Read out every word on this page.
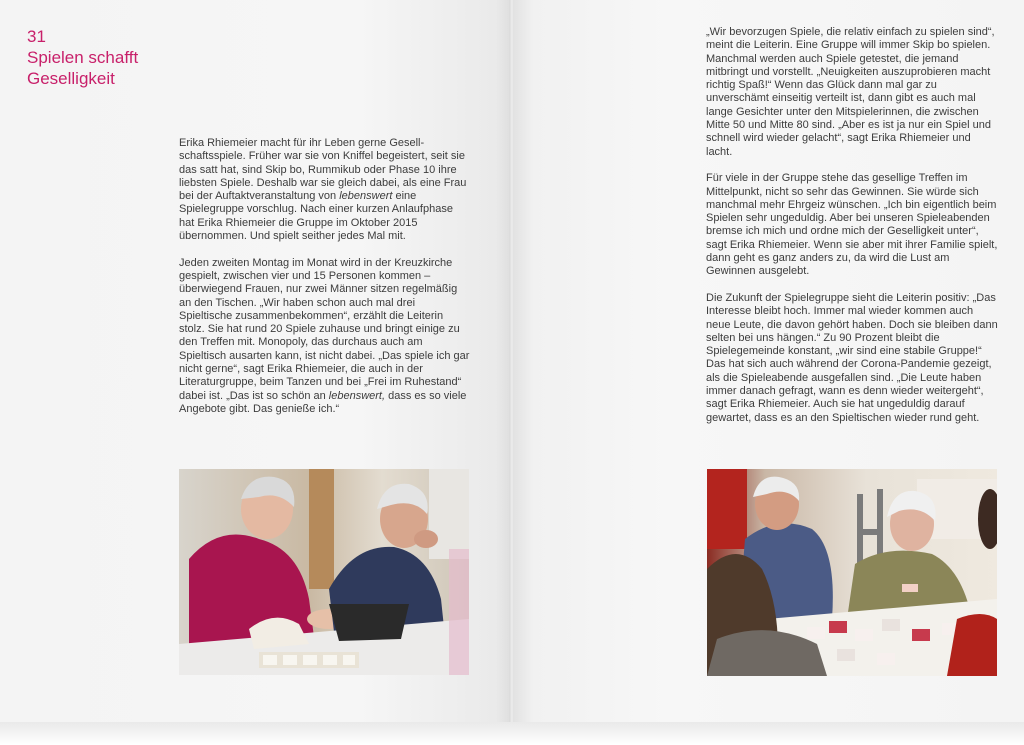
31
Spielen schafft
Geselligkeit

Erika Rhiemeier macht für ihr Leben gerne Gesellschaftsspiele. Früher war sie von Kniffel begeistert, seit sie das satt hat, sind Skip bo, Rummikub oder Phase 10 ihre liebsten Spiele. Deshalb war sie gleich dabei, als eine Frau bei der Auftaktveranstaltung von lebenswert eine Spielegruppe vorschlug. Nach einer kurzen Anlaufphase hat Erika Rhiemeier die Gruppe im Oktober 2015 übernommen. Und spielt seither jedes Mal mit.

Jeden zweiten Montag im Monat wird in der Kreuzkirche gespielt, zwischen vier und 15 Personen kommen – überwiegend Frauen, nur zwei Männer sitzen regelmäßig an den Tischen. „Wir haben schon auch mal drei Spieltische zusammenbekommen“, erzählt die Leiterin stolz. Sie hat rund 20 Spiele zuhause und bringt einige zu den Treffen mit. Monopoly, das durchaus auch am Spieltisch ausarten kann, ist nicht dabei. „Das spiele ich gar nicht gerne“, sagt Erika Rhiemeier, die auch in der Literaturgruppe, beim Tanzen und bei „Frei im Ruhestand“ dabei ist. „Das ist so schön an lebenswert, dass es so viele Angebote gibt. Das genieße ich.“

„Wir bevorzugen Spiele, die relativ einfach zu spielen sind“, meint die Leiterin. Eine Gruppe will immer Skip bo spielen. Manchmal werden auch Spiele getestet, die jemand mitbringt und vorstellt. „Neuigkeiten auszuprobieren macht richtig Spaß!“ Wenn das Glück dann mal gar zu unverschämt einseitig verteilt ist, dann gibt es auch mal lange Gesichter unter den Mitspielerinnen, die zwischen Mitte 50 und Mitte 80 sind. „Aber es ist ja nur ein Spiel und schnell wird wieder gelacht“, sagt Erika Rhiemeier und lacht.

Für viele in der Gruppe stehe das gesellige Treffen im Mittelpunkt, nicht so sehr das Gewinnen. Sie würde sich manchmal mehr Ehrgeiz wünschen. „Ich bin eigentlich beim Spielen sehr ungeduldig. Aber bei unseren Spieleabenden bremse ich mich und ordne mich der Geselligkeit unter“, sagt Erika Rhiemeier. Wenn sie aber mit ihrer Familie spielt, dann geht es ganz anders zu, da wird die Lust am Gewinnen ausgelebt.

Die Zukunft der Spielegruppe sieht die Leiterin positiv: „Das Interesse bleibt hoch. Immer mal wieder kommen auch neue Leute, die davon gehört haben. Doch sie bleiben dann selten bei uns hängen.“ Zu 90 Prozent bleibt die Spielegemeinde konstant, „wir sind eine stabile Gruppe!“ Das hat sich auch während der Corona-Pandemie gezeigt, als die Spieleabende ausgefallen sind. „Die Leute haben immer danach gefragt, wann es denn wieder weitergeht“, sagt Erika Rhiemeier. Auch sie hat ungeduldig darauf gewartet, dass es an den Spieltischen wieder rund geht.
